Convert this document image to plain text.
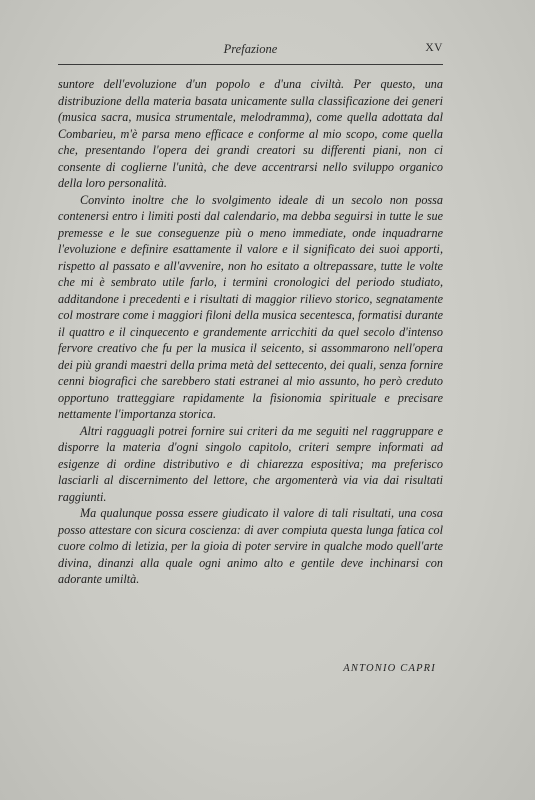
Prefazione	XV

suntore dell'evoluzione d'un popolo e d'una civiltà. Per questo, una distribuzione della materia basata unicamente sulla classificazione dei generi (musica sacra, musica strumentale, melodramma), come quella adottata dal Combarieu, m'è parsa meno efficace e conforme al mio scopo, come quella che, presentando l'opera dei grandi creatori su differenti piani, non ci consente di coglierne l'unità, che deve accentrarsi nello sviluppo organico della loro personalità.

Convinto inoltre che lo svolgimento ideale di un secolo non possa contenersi entro i limiti posti dal calendario, ma debba seguirsi in tutte le sue premesse e le sue conseguenze più o meno immediate, onde inquadrarne l'evoluzione e definire esattamente il valore e il significato dei suoi apporti, rispetto al passato e all'avvenire, non ho esitato a oltrepassare, tutte le volte che mi è sembrato utile farlo, i termini cronologici del periodo studiato, additandone i precedenti e i risultati di maggior rilievo storico, segnatamente col mostrare come i maggiori filoni della musica secentesca, formatisi durante il quattro e il cinquecento e grandemente arricchiti da quel secolo d'intenso fervore creativo che fu per la musica il seicento, si assommarono nell'opera dei più grandi maestri della prima metà del settecento, dei quali, senza fornire cenni biografici che sarebbero stati estranei al mio assunto, ho però creduto opportuno tratteggiare rapidamente la fisionomia spirituale e precisare nettamente l'importanza storica.

Altri ragguagli potrei fornire sui criteri da me seguiti nel raggruppare e disporre la materia d'ogni singolo capitolo, criteri sempre informati ad esigenze di ordine distributivo e di chiarezza espositiva; ma preferisco lasciarli al discernimento del lettore, che argomenterà via via dai risultati raggiunti.

Ma qualunque possa essere giudicato il valore di tali risultati, una cosa posso attestare con sicura coscienza: di aver compiuta questa lunga fatica col cuore colmo di letizia, per la gioia di poter servire in qualche modo quell'arte divina, dinanzi alla quale ogni animo alto e gentile deve inchinarsi con adorante umiltà.

ANTONIO CAPRI
